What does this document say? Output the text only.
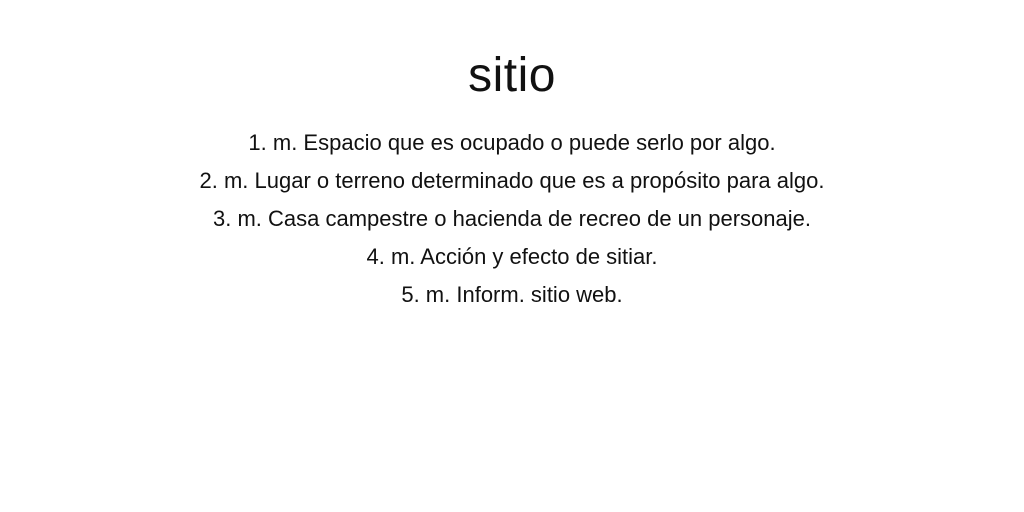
sitio
1. m. Espacio que es ocupado o puede serlo por algo.
2. m. Lugar o terreno determinado que es a propósito para algo.
3. m. Casa campestre o hacienda de recreo de un personaje.
4. m. Acción y efecto de sitiar.
5. m. Inform. sitio web.
